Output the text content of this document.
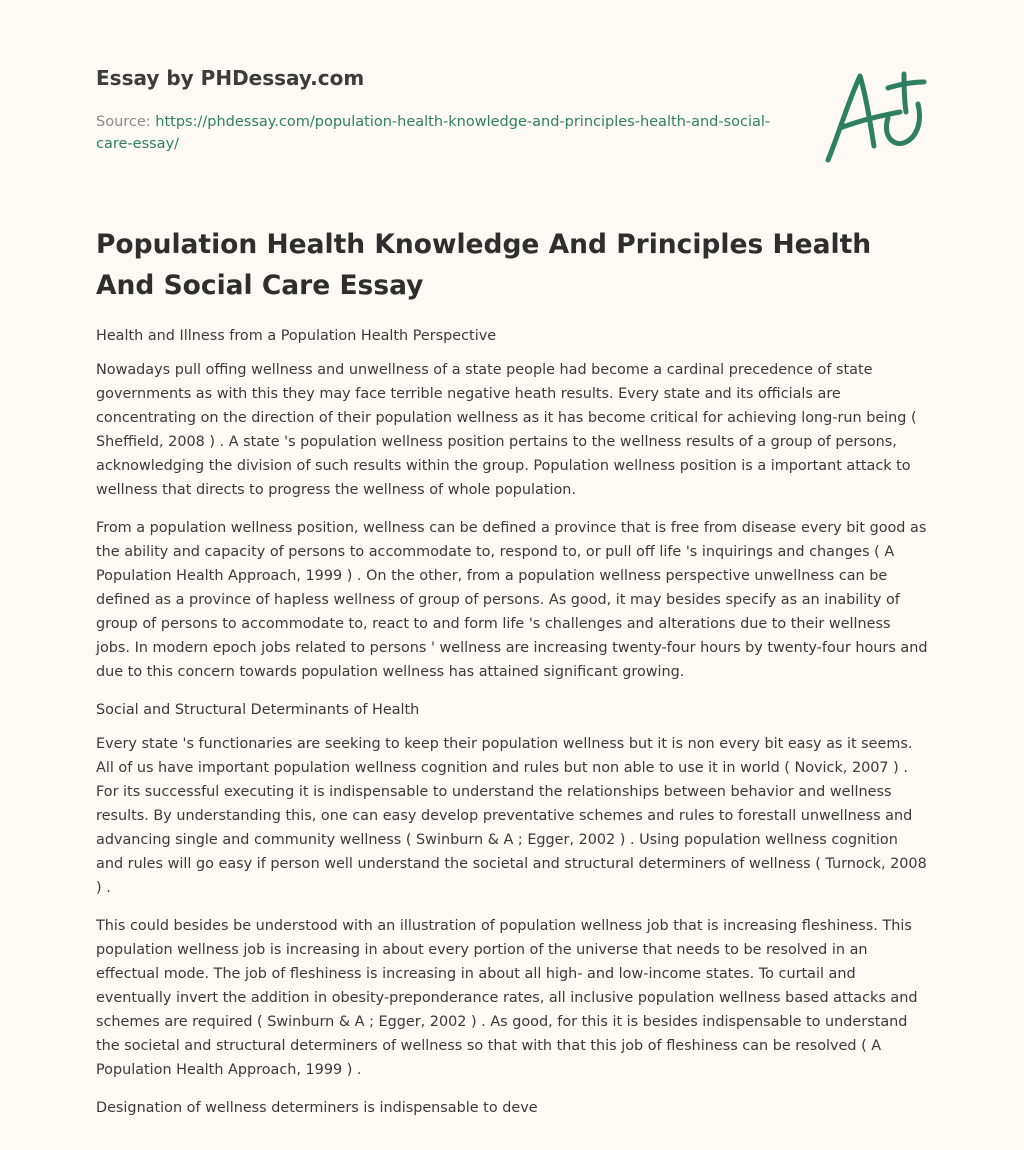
Essay by PHDessay.com
Source: https://phdessay.com/population-health-knowledge-and-principles-health-and-social-care-essay/
Population Health Knowledge And Principles Health And Social Care Essay

Health and Illness from a Population Health Perspective

Nowadays pull offing wellness and unwellness of a state people had become a cardinal precedence of state governments as with this they may face terrible negative heath results. Every state and its officials are concentrating on the direction of their population wellness as it has become critical for achieving long-run being ( Sheffield, 2008 ) . A state 's population wellness position pertains to the wellness results of a group of persons, acknowledging the division of such results within the group. Population wellness position is a important attack to wellness that directs to progress the wellness of whole population.

From a population wellness position, wellness can be defined a province that is free from disease every bit good as the ability and capacity of persons to accommodate to, respond to, or pull off life 's inquirings and changes ( A Population Health Approach, 1999 ) . On the other, from a population wellness perspective unwellness can be defined as a province of hapless wellness of group of persons. As good, it may besides specify as an inability of group of persons to accommodate to, react to and form life 's challenges and alterations due to their wellness jobs. In modern epoch jobs related to persons ' wellness are increasing twenty-four hours by twenty-four hours and due to this concern towards population wellness has attained significant growing.

Social and Structural Determinants of Health

Every state 's functionaries are seeking to keep their population wellness but it is non every bit easy as it seems. All of us have important population wellness cognition and rules but non able to use it in world ( Novick, 2007 ) . For its successful executing it is indispensable to understand the relationships between behavior and wellness results. By understanding this, one can easy develop preventative schemes and rules to forestall unwellness and advancing single and community wellness ( Swinburn & A ; Egger, 2002 ) . Using population wellness cognition and rules will go easy if person well understand the societal and structural determiners of wellness ( Turnock, 2008 ) .

This could besides be understood with an illustration of population wellness job that is increasing fleshiness. This population wellness job is increasing in about every portion of the universe that needs to be resolved in an effectual mode. The job of fleshiness is increasing in about all high- and low-income states. To curtail and eventually invert the addition in obesity-preponderance rates, all inclusive population wellness based attacks and schemes are required ( Swinburn & A ; Egger, 2002 ) . As good, for this it is besides indispensable to understand the societal and structural determiners of wellness so that with that this job of fleshiness can be resolved ( A Population Health Approach, 1999 ) .

Designation of wellness determiners is indispensable to deve
